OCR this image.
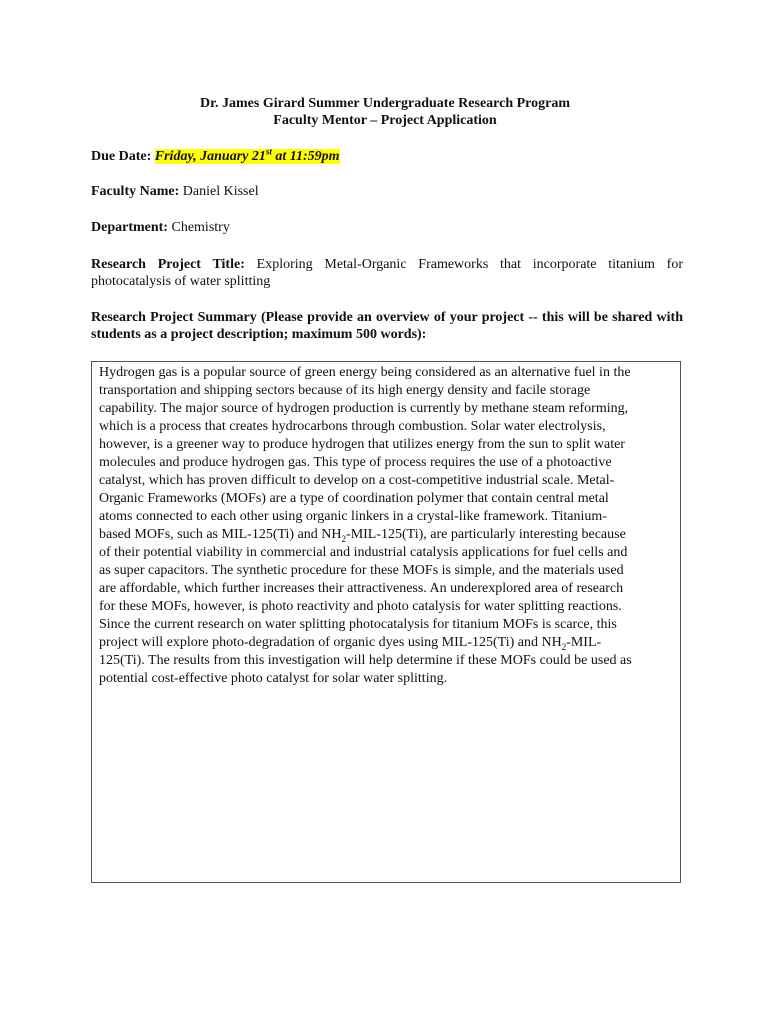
Dr. James Girard Summer Undergraduate Research Program
Faculty Mentor – Project Application
Due Date: Friday, January 21st at 11:59pm
Faculty Name: Daniel Kissel
Department: Chemistry
Research Project Title: Exploring Metal-Organic Frameworks that incorporate titanium for photocatalysis of water splitting
Research Project Summary (Please provide an overview of your project -- this will be shared with students as a project description; maximum 500 words):

Hydrogen gas is a popular source of green energy being considered as an alternative fuel in the
transportation and shipping sectors because of its high energy density and facile storage
capability. The major source of hydrogen production is currently by methane steam reforming,
which is a process that creates hydrocarbons through combustion. Solar water electrolysis,
however, is a greener way to produce hydrogen that utilizes energy from the sun to split water
molecules and produce hydrogen gas. This type of process requires the use of a photoactive
catalyst, which has proven difficult to develop on a cost-competitive industrial scale. Metal-
Organic Frameworks (MOFs) are a type of coordination polymer that contain central metal
atoms connected to each other using organic linkers in a crystal-like framework. Titanium-
based MOFs, such as MIL-125(Ti) and $NH_2-MIL-125(Ti)$, are particularly interesting because
of their potential viability in commercial and industrial catalysis applications for fuel cells and
as super capacitors. The synthetic procedure for these MOFs is simple, and the materials used
are affordable, which further increases their attractiveness. An underexplored area of research
for these MOFs, however, is photo reactivity and photo catalysis for water splitting reactions.
Since the current research on water splitting photocatalysis for titanium MOFs is scarce, this
project will explore photo-degradation of organic dyes using MIL-125(Ti) and $NH_2-MIL-$
125(Ti). The results from this investigation will help determine if these MOFs could be used as
potential cost-effective photo catalyst for solar water splitting.
